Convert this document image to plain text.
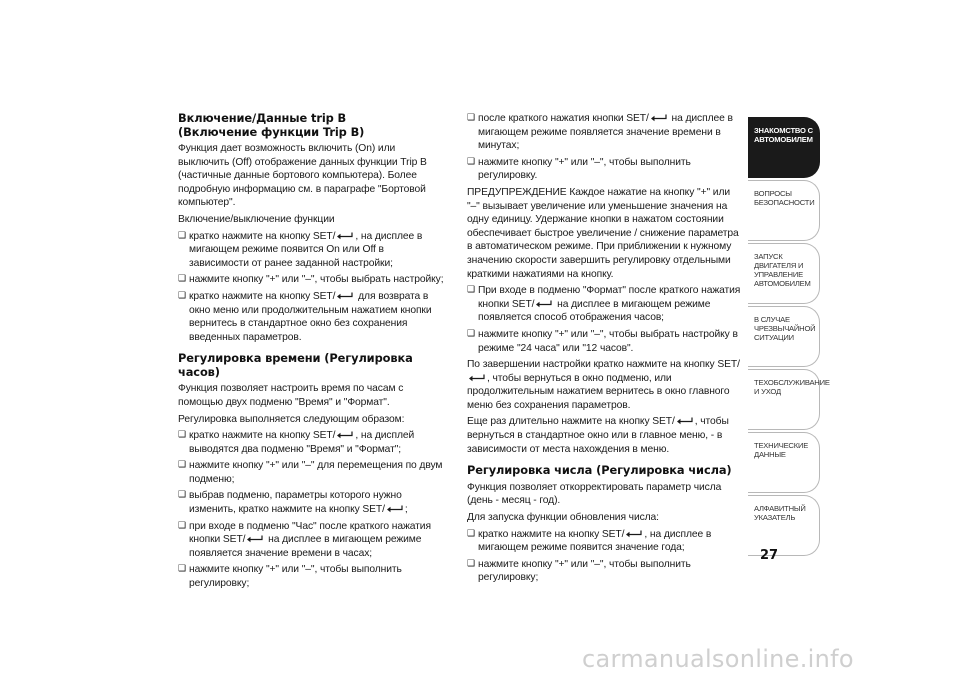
Включение/Данные trip B
(Включение функции Trip B)

Функция дает возможность включить (On) или выключить (Off) отображение данных функции Trip B (частичные данные бортового компьютера). Более подробную информацию см. в параграфе "Бортовой компьютер".

Включение/выключение функции

❑ кратко нажмите на кнопку SET/ , на дисплее в мигающем режиме появится On или Off в зависимости от ранее заданной настройки;
❑ нажмите кнопку "+" или "–", чтобы выбрать настройку;
❑ кратко нажмите на кнопку SET/
для возврата в окно меню или продолжительным нажатием кнопки вернитесь в стандартное окно без сохранения введенных параметров.
Регулировка времени (Регулировка часов)

Функция позволяет настроить время по часам с помощью двух подменю "Время" и "Формат".

Регулировка выполняется следующим образом:

❑ кратко нажмите на кнопку SET/ , на дисплей выводятся два подменю "Время" и "Формат";
❑ нажмите кнопку "+" или "–" для перемещения по двум подменю;
❑ выбрав подменю, параметры которого нужно изменить, кратко нажмите на кнопку SET/ ;
❑ при входе в подменю "Час" после краткого нажатия кнопки SET/
на дисплее в мигающем режиме появляется значение времени в часах;
❑ нажмите кнопку "+" или "–", чтобы выполнить регулировку;
❑ после краткого нажатия кнопки SET/
на дисплее в мигающем режиме появляется значение времени в минутах;
❑ нажмите кнопку "+" или "–", чтобы выполнить регулировку.

ПРЕДУПРЕЖДЕНИЕ Каждое нажатие на кнопку "+" или "–" вызывает увеличение или уменьшение значения на одну единицу. Удержание кнопки в нажатом состоянии обеспечивает быстрое увеличение / снижение параметра в автоматическом режиме. При приближении к нужному значению скорости завершить регулировку отдельными краткими нажатиями на кнопку.

❑ При входе в подменю "Формат" после краткого нажатия кнопки SET/
на дисплее в мигающем режиме появляется способ отображения часов;
❑ нажмите кнопку "+" или "–", чтобы выбрать настройку в режиме "24 часа" или "12 часов".

По завершении настройки кратко нажмите на кнопку SET/
, чтобы вернуться в окно подменю, или продолжительным нажатием вернитесь в окно главного меню без сохранения параметров.

Еще раз длительно нажмите на кнопку SET/ , чтобы вернуться в стандартное окно или в главное меню, - в зависимости от места нахождения в меню.

Регулировка числа (Регулировка числа)

Функция позволяет откорректировать параметр числа (день - месяц - год).

Для запуска функции обновления числа:

❑ кратко нажмите на кнопку SET/ , на дисплее в мигающем режиме появится значение года;
❑ нажмите кнопку "+" или "–", чтобы выполнить регулировку;
ЗНАКОМСТВО С АВТОМОБИЛЕМ
ВОПРОСЫ БЕЗОПАСНОСТИ
ЗАПУСК ДВИГАТЕЛЯ И УПРАВЛЕНИЕ АВТОМОБИЛЕМ
В СЛУЧАЕ ЧРЕЗВЫЧАЙНОЙ СИТУАЦИИ
ТЕХОБСЛУЖИВАНИЕ И УХОД
ТЕХНИЧЕСКИЕ ДАННЫЕ
АЛФАВИТНЫЙ УКАЗАТЕЛЬ
27
carmanualsonline.info
